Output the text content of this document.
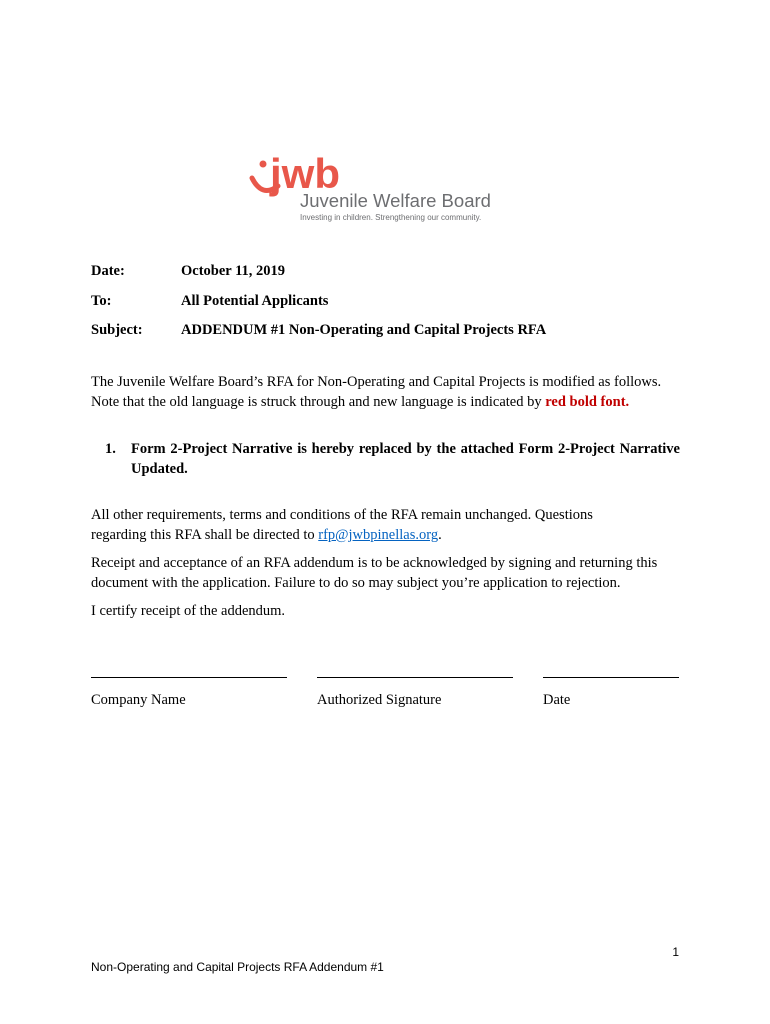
jwb
Juvenile Welfare Board
Investing in children. Strengthening our community.
Date:	October 11, 2019
To:	All Potential Applicants
Subject:	ADDENDUM #1 Non-Operating and Capital Projects RFA
The Juvenile Welfare Board’s RFA for Non-Operating and Capital Projects is modified as follows. Note that the old language is struck through and new language is indicated by red bold font.
1. Form 2-Project Narrative is hereby replaced by the attached Form 2-Project Narrative Updated.
All other requirements, terms and conditions of the RFA remain unchanged. Questions regarding this RFA shall be directed to rfp@jwbpinellas.org.
Receipt and acceptance of an RFA addendum is to be acknowledged by signing and returning this document with the application. Failure to do so may subject you’re application to rejection.
I certify receipt of the addendum.
Company Name	Authorized Signature	Date
1
Non-Operating and Capital Projects RFA Addendum #1
